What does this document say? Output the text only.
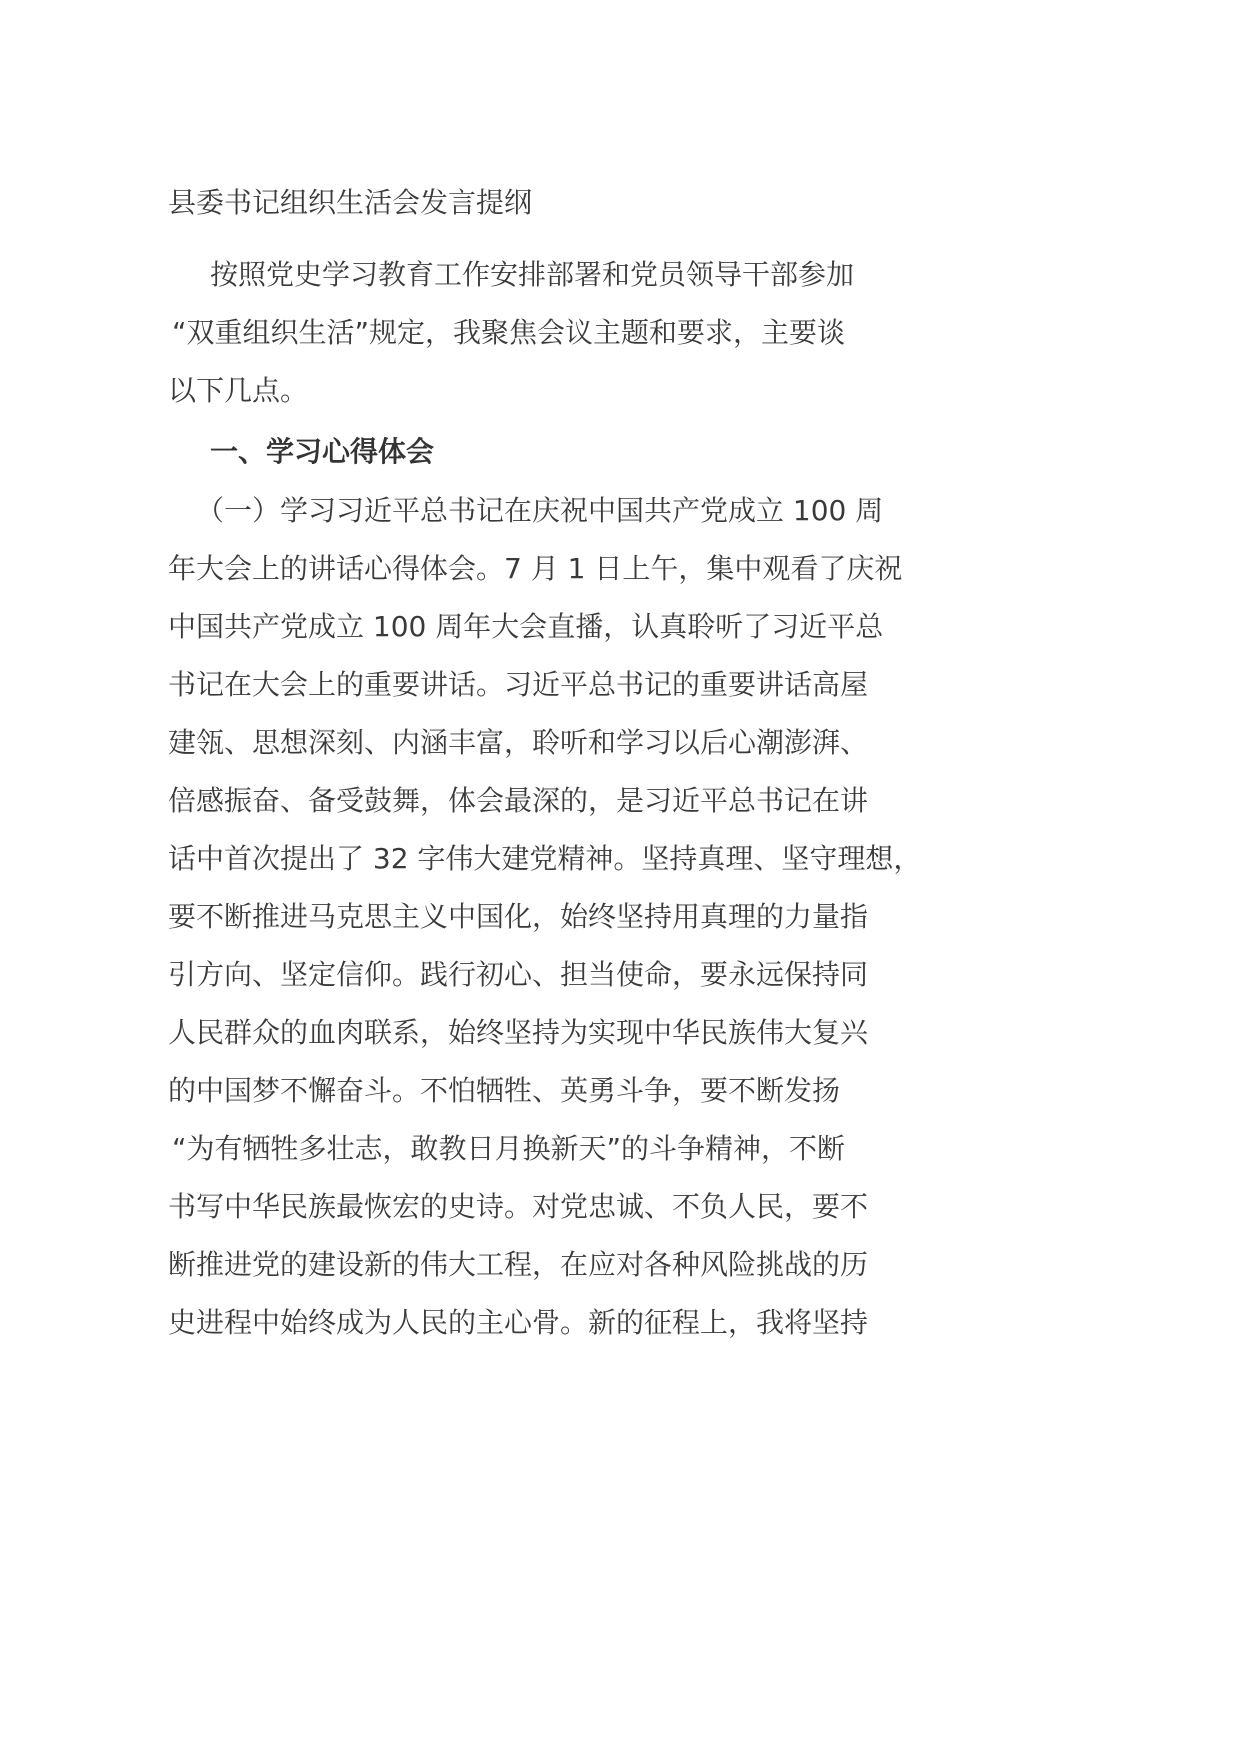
县委书记组织生活会发言提纲
　按照党史学习教育工作安排部署和党员领导干部参加
“双重组织生活”规定，我聚焦会议主题和要求，主要谈
以下几点。
　一、学习心得体会
　（一）学习习近平总书记在庆祝中国共产党成立 100 周
年大会上的讲话心得体会。7 月 1 日上午，集中观看了庆祝
中国共产党成立 100 周年大会直播，认真聆听了习近平总
书记在大会上的重要讲话。习近平总书记的重要讲话高屋
建瓴、思想深刻、内涵丰富，聆听和学习以后心潮澎湃、
倍感振奋、备受鼓舞，体会最深的，是习近平总书记在讲
话中首次提出了 32 字伟大建党精神。坚持真理、坚守理想，
要不断推进马克思主义中国化，始终坚持用真理的力量指
引方向、坚定信仰。践行初心、担当使命，要永远保持同
人民群众的血肉联系，始终坚持为实现中华民族伟大复兴
的中国梦不懈奋斗。不怕牺牲、英勇斗争，要不断发扬
“为有牺牲多壮志，敢教日月换新天”的斗争精神，不断
书写中华民族最恢宏的史诗。对党忠诚、不负人民，要不
断推进党的建设新的伟大工程，在应对各种风险挑战的历
史进程中始终成为人民的主心骨。新的征程上，我将坚持
